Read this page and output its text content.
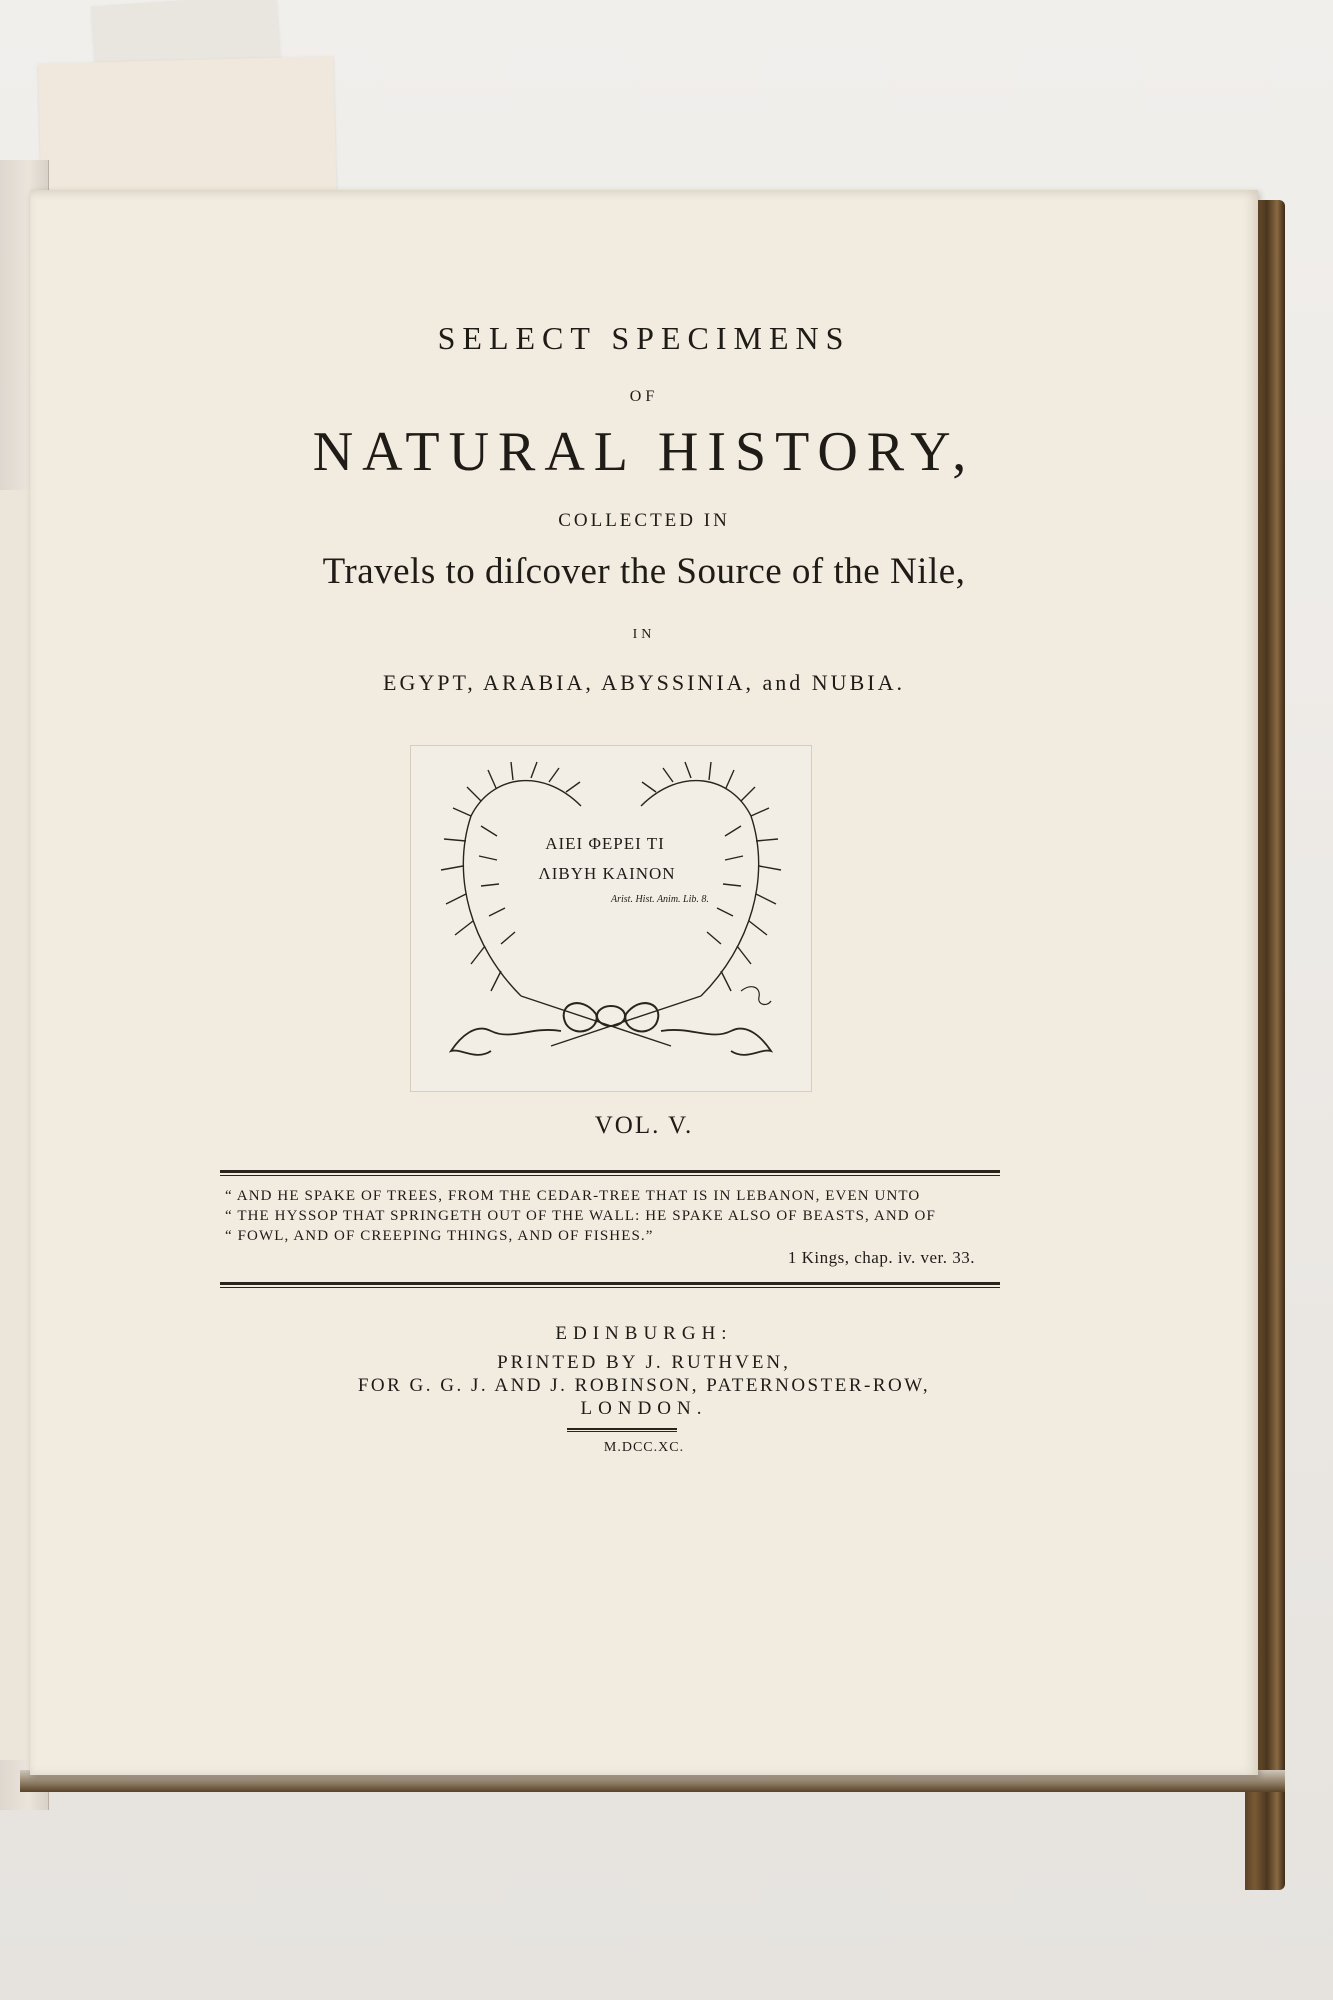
SELECT SPECIMENS
OF
NATURAL HISTORY,
COLLECTED IN
Travels to diſcover the Source of the Nile,
IN
EGYPT, ARABIA, ABYSSINIA, and NUBIA.
ΑΙΕΙ ΦΕΡΕΙ ΤΙ
ΛΙΒΥΗ ΚΑΙΝΟΝ
Arist. Hist. Anim. Lib. 8.
VOL. V.
“ AND HE SPAKE OF TREES, FROM THE CEDAR-TREE THAT IS IN LEBANON, EVEN UNTO
“ THE HYSSOP THAT SPRINGETH OUT OF THE WALL: HE SPAKE ALSO OF BEASTS, AND OF
“ FOWL, AND OF CREEPING THINGS, AND OF FISHES.”
1 Kings, chap. iv. ver. 33.
EDINBURGH:
PRINTED BY J. RUTHVEN,
FOR G. G. J. AND J. ROBINSON, PATERNOSTER-ROW,
LONDON.
M.DCC.XC.
